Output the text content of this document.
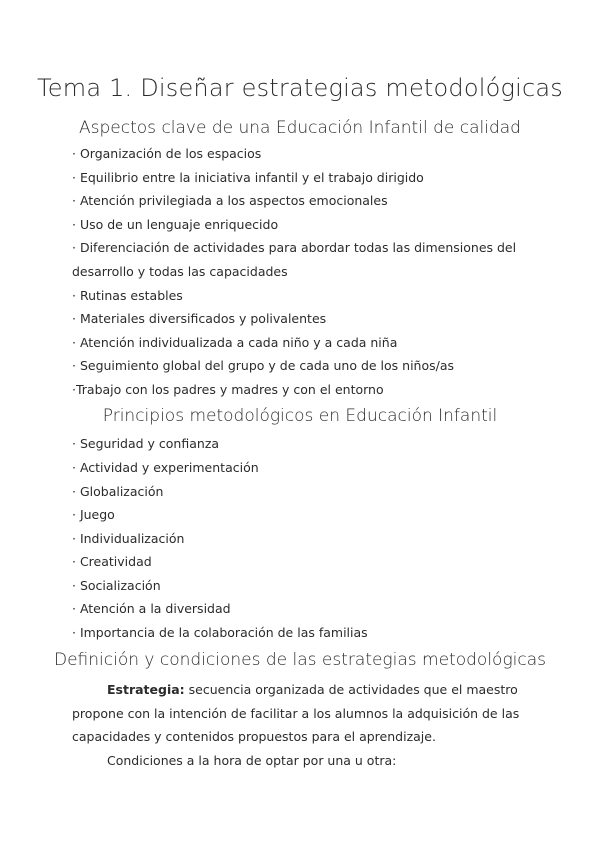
Tema 1. Diseñar estrategias metodológicas
Aspectos clave de una Educación Infantil de calidad
· Organización de los espacios
· Equilibrio entre la iniciativa infantil y el trabajo dirigido
· Atención privilegiada a los aspectos emocionales
· Uso de un lenguaje enriquecido
· Diferenciación de actividades para abordar todas las dimensiones del
desarrollo y todas las capacidades
· Rutinas estables
· Materiales diversificados y polivalentes
· Atención individualizada a cada niño y a cada niña
· Seguimiento global del grupo y de cada uno de los niños/as
·Trabajo con los padres y madres y con el entorno
Principios metodológicos en Educación Infantil
· Seguridad y confianza
· Actividad y experimentación
· Globalización
· Juego
· Individualización
· Creatividad
· Socialización
· Atención a la diversidad
· Importancia de la colaboración de las familias
Definición y condiciones de las estrategias metodológicas
Estrategia: secuencia organizada de actividades que el maestro
propone con la intención de facilitar a los alumnos la adquisición de las
capacidades y contenidos propuestos para el aprendizaje.
Condiciones a la hora de optar por una u otra:
